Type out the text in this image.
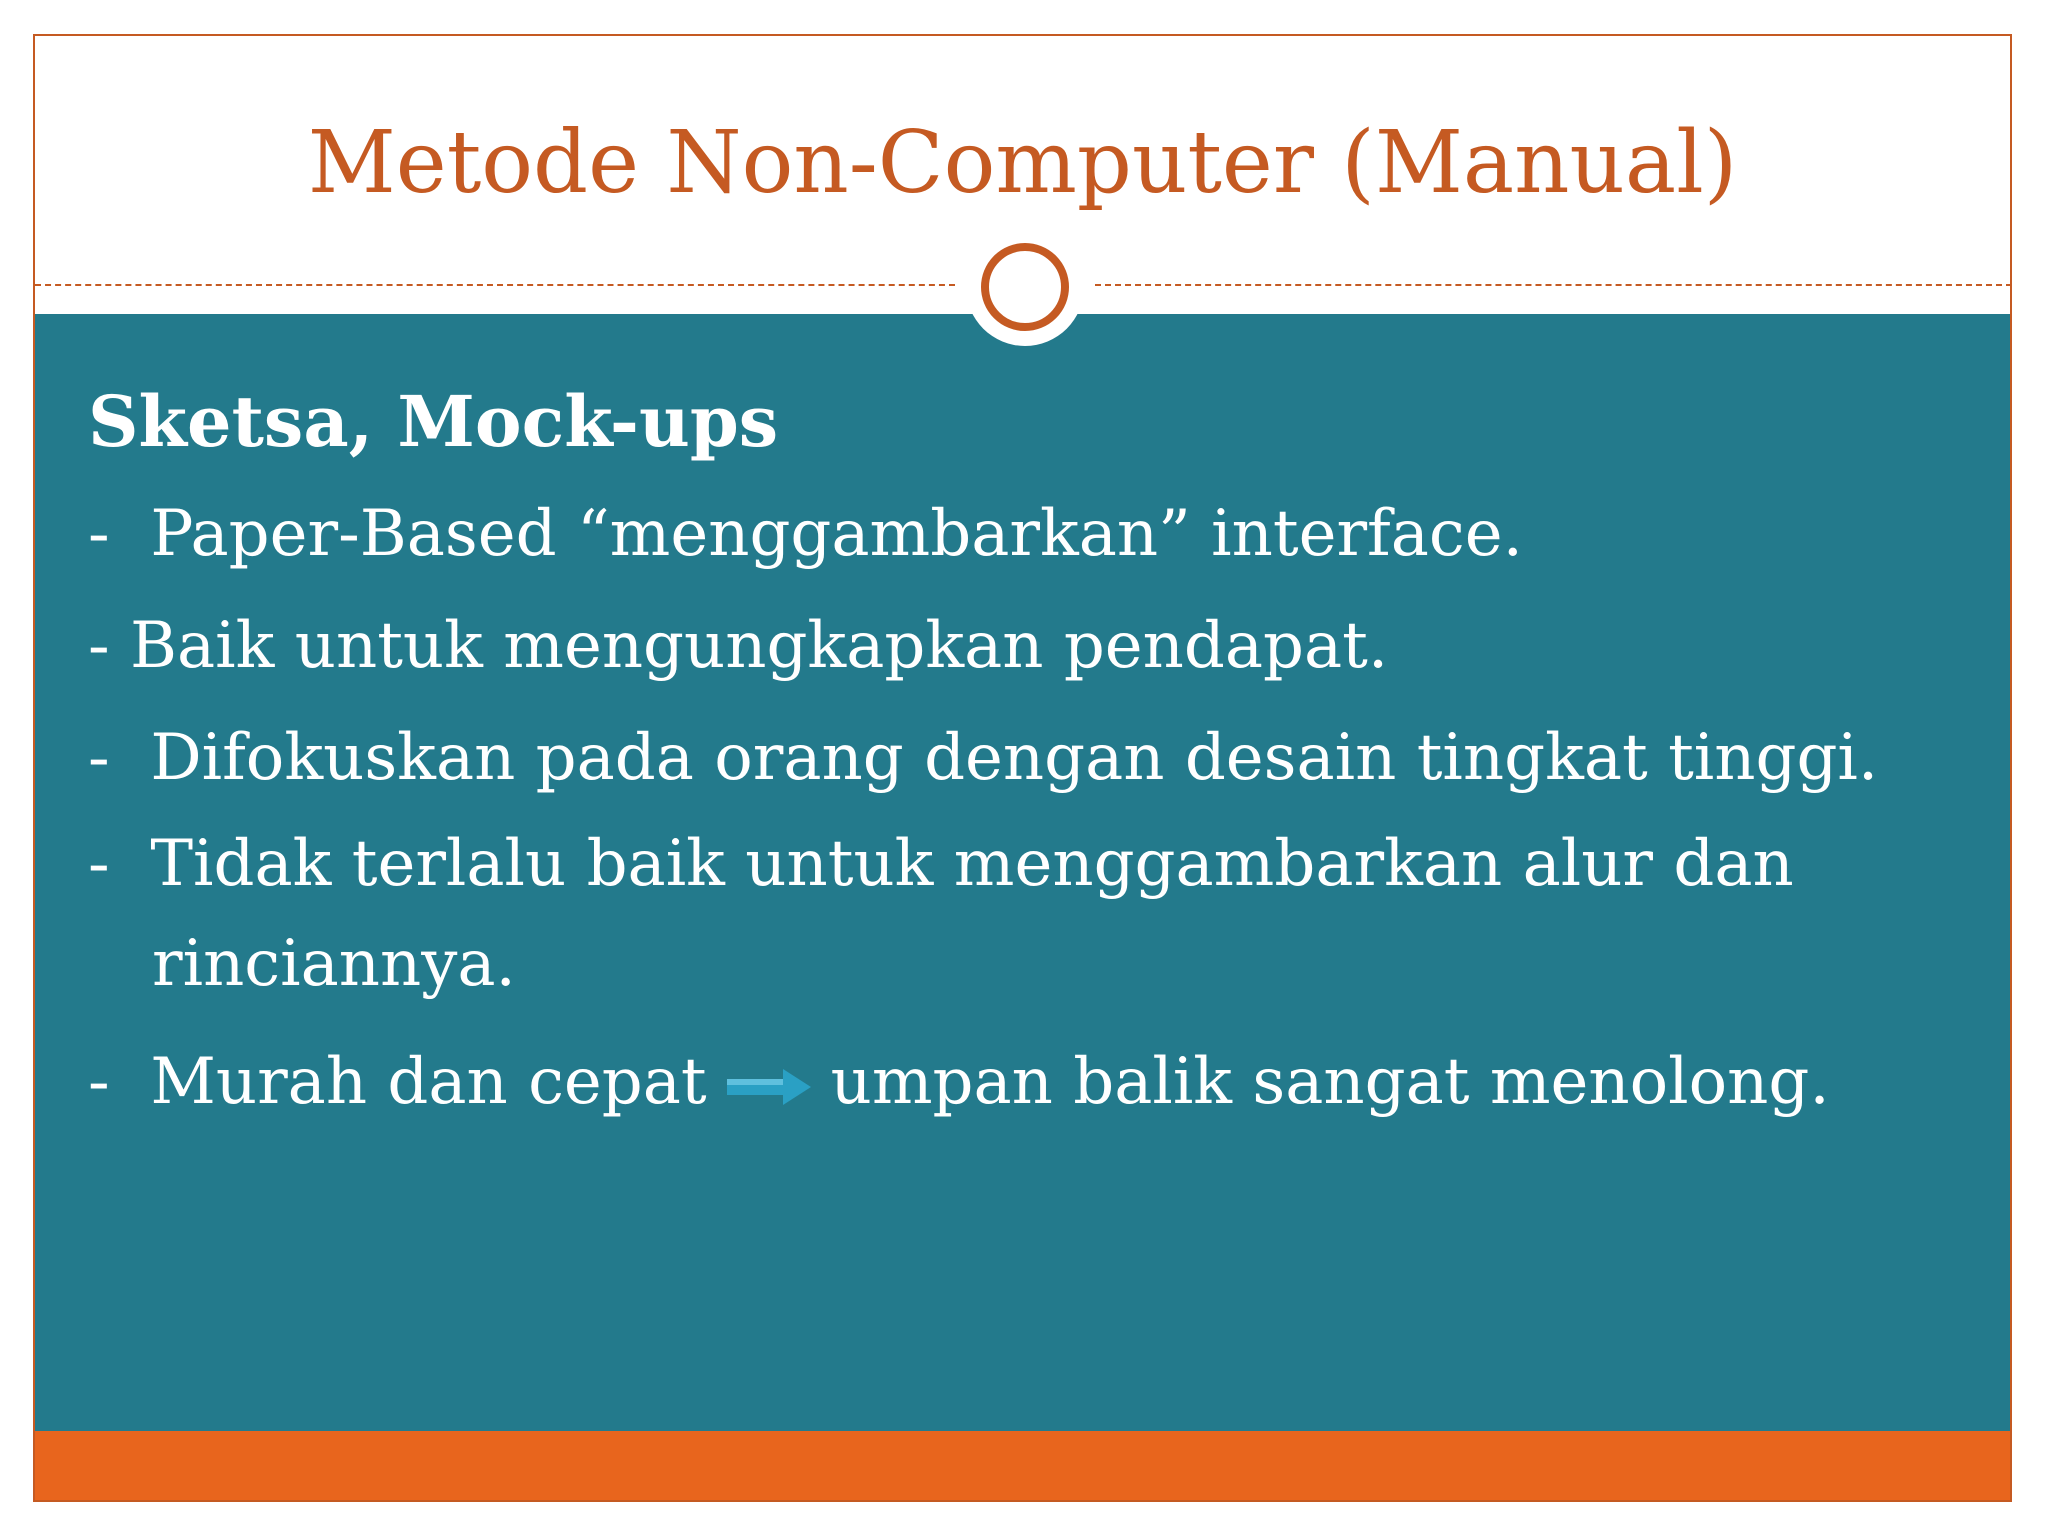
Metode Non-Computer (Manual)

Sketsa, Mock-ups

- Paper-Based “menggambarkan” interface.

- Baik untuk mengungkapkan pendapat.

- Difokuskan pada orang dengan desain tingkat tinggi.

- Tidak terlalu baik untuk menggambarkan alur dan
rinciannya.

- Murah dan cepat umpan balik sangat menolong.
